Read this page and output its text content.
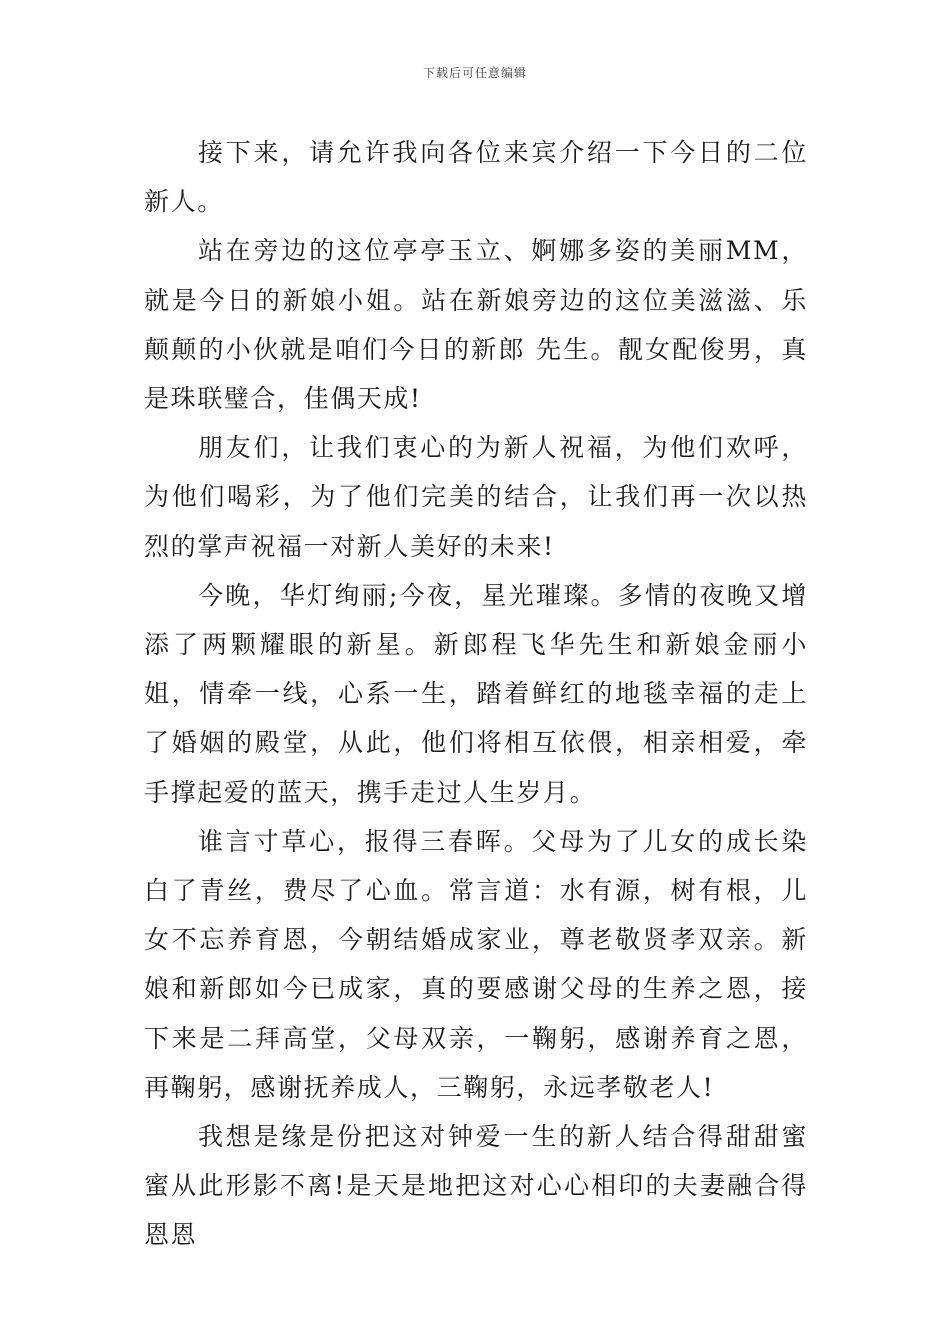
下载后可任意编辑

接下来，请允许我向各位来宾介绍一下今日的二位新人。

站在旁边的这位亭亭玉立、婀娜多姿的美丽MM，就是今日的新娘小姐。站在新娘旁边的这位美滋滋、乐颠颠的小伙就是咱们今日的新郎 先生。靓女配俊男，真是珠联璧合，佳偶天成!

朋友们，让我们衷心的为新人祝福，为他们欢呼，为他们喝彩，为了他们完美的结合，让我们再一次以热烈的掌声祝福一对新人美好的未来!

今晚，华灯绚丽;今夜，星光璀璨。多情的夜晚又增添了两颗耀眼的新星。新郎程飞华先生和新娘金丽小姐，情牵一线，心系一生，踏着鲜红的地毯幸福的走上了婚姻的殿堂，从此，他们将相互依偎，相亲相爱，牵手撑起爱的蓝天，携手走过人生岁月。

谁言寸草心，报得三春晖。父母为了儿女的成长染白了青丝，费尽了心血。常言道：水有源，树有根，儿女不忘养育恩，今朝结婚成家业，尊老敬贤孝双亲。新娘和新郎如今已成家，真的要感谢父母的生养之恩，接下来是二拜高堂，父母双亲，一鞠躬，感谢养育之恩，再鞠躬，感谢抚养成人，三鞠躬，永远孝敬老人!

我想是缘是份把这对钟爱一生的新人结合得甜甜蜜蜜从此形影不离!是天是地把这对心心相印的夫妻融合得恩恩
